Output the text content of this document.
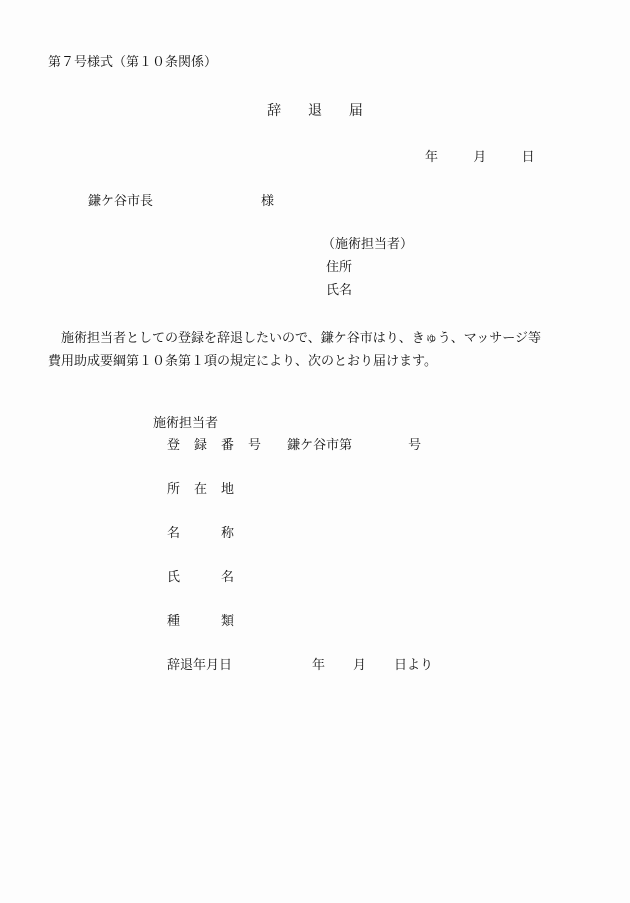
第７号様式（第１０条関係）
辞 退 届
年	月	日
鎌ケ谷市長	様
（施術担当者）
住所
氏名
　施術担当者としての登録を辞退したいので、鎌ケ谷市はり、きゅう、マッサージ等
費用助成要綱第１０条第１項の規定により、次のとおり届けます。
施術担当者
登 録 番 号 鎌ケ谷市第	号
所 在 地
名	称
氏	名
種	類
辞退年月日	年 月 日より
